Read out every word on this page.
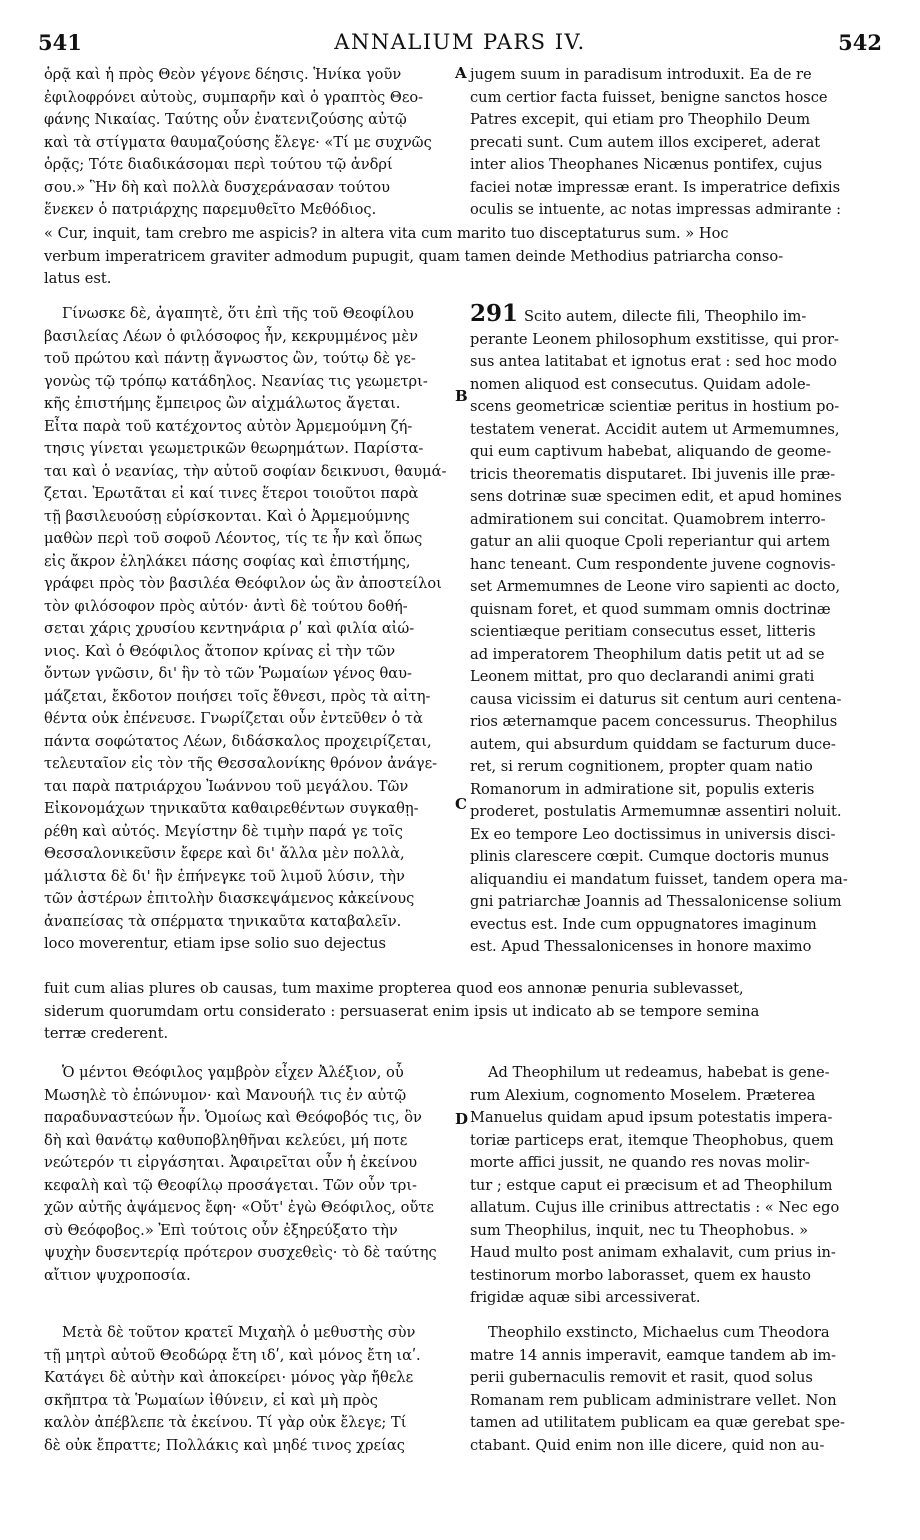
541	ANNALIUM PARS IV.	542
A
B
C
D

ὁρᾷ καὶ ἡ πρὸς Θεὸν γέγονε δέησις. Ἡνίκα γοῦν

ἐφιλοφρόνει αὐτοὺς, συμπαρῆν καὶ ὁ γραπτὸς Θεο-

φάνης Νικαίας. Ταύτης οὖν ἐνατενιζούσης αὐτῷ

καὶ τὰ στίγματα θαυμαζούσης ἔλεγε· «Τί με συχνῶς

ὁρᾷς; Τότε διαδικάσομαι περὶ τούτου τῷ ἀνδρί

σου.» Ἣν δὴ καὶ πολλὰ δυσχεράνασαν τούτου

ἕνεκεν ὁ πατριάρχης παρεμυθεῖτο Μεθόδιος.

jugem suum in paradisum introduxit. Ea de re

cum certior facta fuisset, benigne sanctos hosce

Patres excepit, qui etiam pro Theophilo Deum

precati sunt. Cum autem illos exciperet, aderat

inter alios Theophanes Nicænus pontifex, cujus

faciei notæ impressæ erant. Is imperatrice defixis

oculis se intuente, ac notas impressas admirante :

« Cur, inquit, tam crebro me aspicis? in altera vita cum marito tuo disceptaturus sum. » Hoc

verbum imperatricem graviter admodum pupugit, quam tamen deinde Methodius patriarcha conso-

latus est.

Γίνωσκε δὲ, ἀγαπητὲ, ὅτι ἐπὶ τῆς τοῦ Θεοφίλου

βασιλείας Λέων ὁ φιλόσοφος ἦν, κεκρυμμένος μὲν

τοῦ πρώτου καὶ πάντῃ ἄγνωστος ὢν, τούτῳ δὲ γε-

γονὼς τῷ τρόπῳ κατάδηλος. Νεανίας τις γεωμετρι-

κῆς ἐπιστήμης ἔμπειρος ὢν αἰχμάλωτος ἄγεται.

Εἶτα παρὰ τοῦ κατέχοντος αὐτὸν Ἀρμεμούμνη ζή-

τησις γίνεται γεωμετρικῶν θεωρημάτων. Παρίστα-

ται καὶ ὁ νεανίας, τὴν αὐτοῦ σοφίαν δεικνυσι, θαυμά-

ζεται. Ἐρωτᾶται εἰ καί τινες ἕτεροι τοιοῦτοι παρὰ

τῇ βασιλευούσῃ εὑρίσκονται. Καὶ ὁ Ἀρμεμούμνης

μαθὼν περὶ τοῦ σοφοῦ Λέοντος, τίς τε ἦν καὶ ὅπως

εἰς ἄκρον ἐληλάκει πάσης σοφίας καὶ ἐπιστήμης,

γράφει πρὸς τὸν βασιλέα Θεόφιλον ὡς ἂν ἀποστείλοι

τὸν φιλόσοφον πρὸς αὐτόν· ἀντὶ δὲ τούτου δοθή-

σεται χάρις χρυσίου κεντηνάρια ρʹ καὶ φιλία αἰώ-

νιος. Καὶ ὁ Θεόφιλος ἄτοπον κρίνας εἰ τὴν τῶν

ὄντων γνῶσιν, δι' ἣν τὸ τῶν Ῥωμαίων γένος θαυ-

μάζεται, ἔκδοτον ποιήσει τοῖς ἔθνεσι, πρὸς τὰ αἰτη-

θέντα οὐκ ἐπένευσε. Γνωρίζεται οὖν ἐντεῦθεν ὁ τὰ

πάντα σοφώτατος Λέων, διδάσκαλος προχειρίζεται,

τελευταῖον εἰς τὸν τῆς Θεσσαλονίκης θρόνον ἀνάγε-

ται παρὰ πατριάρχου Ἰωάννου τοῦ μεγάλου. Τῶν

Εἰκονομάχων τηνικαῦτα καθαιρεθέντων συγκαθῃ-

ρέθη καὶ αὐτός. Μεγίστην δὲ τιμὴν παρά γε τοῖς

Θεσσαλονικεῦσιν ἔφερε καὶ δι' ἄλλα μὲν πολλὰ,

μάλιστα δὲ δι' ἣν ἐπήνεγκε τοῦ λιμοῦ λύσιν, τὴν

τῶν ἀστέρων ἐπιτολὴν διασκεψάμενος κἀκείνους

ἀναπείσας τὰ σπέρματα τηνικαῦτα καταβαλεῖν.

loco moverentur, etiam ipse solio suo dejectus

291 Scito autem, dilecte fili, Theophilo im-

perante Leonem philosophum exstitisse, qui pror-

sus antea latitabat et ignotus erat : sed hoc modo

nomen aliquod est consecutus. Quidam adole-

scens geometricæ scientiæ peritus in hostium po-

testatem venerat. Accidit autem ut Armemumnes,

qui eum captivum habebat, aliquando de geome-

tricis theorematis disputaret. Ibi juvenis ille præ-

sens dotrinæ suæ specimen edit, et apud homines

admirationem sui concitat. Quamobrem interro-

gatur an alii quoque Cpoli reperiantur qui artem

hanc teneant. Cum respondente juvene cognovis-

set Armemumnes de Leone viro sapienti ac docto,

quisnam foret, et quod summam omnis doctrinæ

scientiæque peritiam consecutus esset, litteris

ad imperatorem Theophilum datis petit ut ad se

Leonem mittat, pro quo declarandi animi grati

causa vicissim ei daturus sit centum auri centena-

rios æternamque pacem concessurus. Theophilus

autem, qui absurdum quiddam se facturum duce-

ret, si rerum cognitionem, propter quam natio

Romanorum in admiratione sit, populis exteris

proderet, postulatis Armemumnæ assentiri noluit.

Ex eo tempore Leo doctissimus in universis disci-

plinis clarescere cœpit. Cumque doctoris munus

aliquandiu ei mandatum fuisset, tandem opera ma-

gni patriarchæ Joannis ad Thessalonicense solium

evectus est. Inde cum oppugnatores imaginum

est. Apud Thessalonicenses in honore maximo

fuit cum alias plures ob causas, tum maxime propterea quod eos annonæ penuria sublevasset,

siderum quorumdam ortu considerato : persuaserat enim ipsis ut indicato ab se tempore semina

terræ crederent.

Ὁ μέντοι Θεόφιλος γαμβρὸν εἶχεν Ἀλέξιον, οὗ

Μωσηλὲ τὸ ἐπώνυμον· καὶ Μανουήλ τις ἐν αὐτῷ

παραδυναστεύων ἦν. Ὁμοίως καὶ Θεόφοβός τις, ὃν

δὴ καὶ θανάτῳ καθυποβληθῆναι κελεύει, μή ποτε

νεώτερόν τι εἰργάσηται. Ἀφαιρεῖται οὖν ἡ ἐκείνου

κεφαλὴ καὶ τῷ Θεοφίλῳ προσάγεται. Τῶν οὖν τρι-

χῶν αὐτῆς ἀψάμενος ἔφη· «Οὔτ' ἐγὼ Θεόφιλος, οὔτε

σὺ Θεόφοβος.» Ἐπὶ τούτοις οὖν ἐξηρεύξατο τὴν

ψυχὴν δυσεντερίᾳ πρότερον συσχεθεὶς· τὸ δὲ ταύτης

αἴτιον ψυχροποσία.

Ad Theophilum ut redeamus, habebat is gene-

rum Alexium, cognomento Moselem. Præterea

Manuelus quidam apud ipsum potestatis impera-

toriæ particeps erat, itemque Theophobus, quem

morte affici jussit, ne quando res novas molir-

tur ; estque caput ei præcisum et ad Theophilum

allatum. Cujus ille crinibus attrectatis : « Nec ego

sum Theophilus, inquit, nec tu Theophobus. »

Haud multo post animam exhalavit, cum prius in-

testinorum morbo laborasset, quem ex hausto

frigidæ aquæ sibi arcessiverat.

Μετὰ δὲ τοῦτον κρατεῖ Μιχαὴλ ὁ μεθυστὴς σὺν

τῇ μητρὶ αὐτοῦ Θεοδώρᾳ ἔτη ιδʹ, καὶ μόνος ἔτη ιαʹ.

Κατάγει δὲ αὐτὴν καὶ ἀποκείρει· μόνος γὰρ ἤθελε

σκῆπτρα τὰ Ῥωμαίων ἰθύνειν, εἰ καὶ μὴ πρὸς

καλὸν ἀπέβλεπε τὰ ἐκείνου. Τί γὰρ οὐκ ἔλεγε; Τί

δὲ οὐκ ἔπραττε; Πολλάκις καὶ μηδέ τινος χρείας

Theophilo exstincto, Michaelus cum Theodora

matre 14 annis imperavit, eamque tandem ab im-

perii gubernaculis removit et rasit, quod solus

Romanam rem publicam administrare vellet. Non

tamen ad utilitatem publicam ea quæ gerebat spe-

ctabant. Quid enim non ille dicere, quid non au-
